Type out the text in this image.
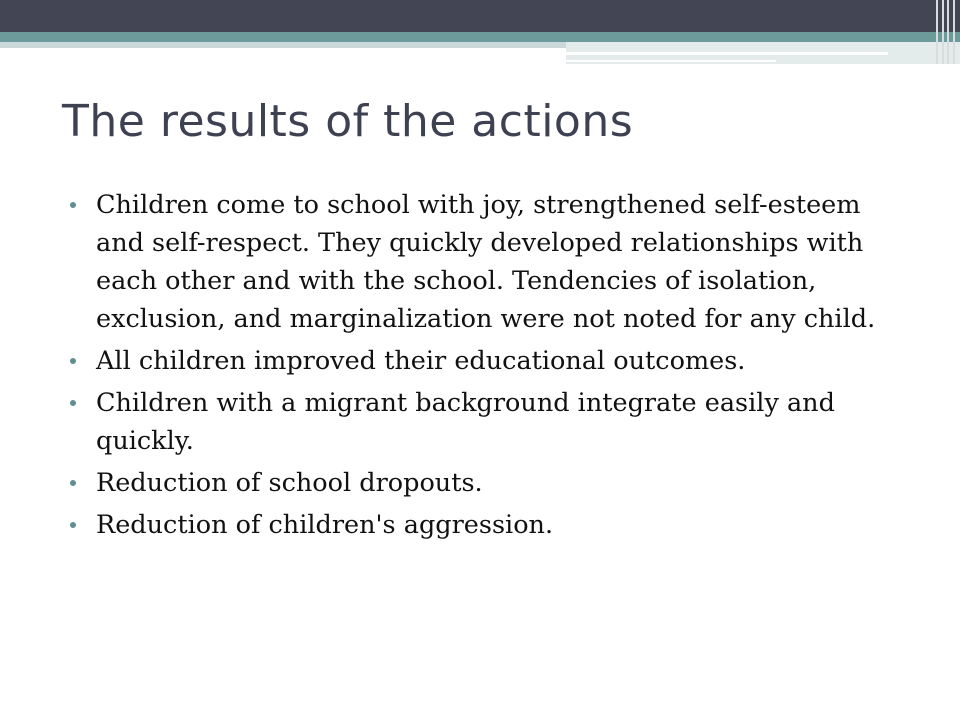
The results of the actions
Children come to school with joy, strengthened self-esteem and self-respect. They quickly developed relationships with each other and with the school. Tendencies of isolation, exclusion, and marginalization were not noted for any child.
All children improved their educational outcomes.
Children with a migrant background integrate easily and quickly.
Reduction of school dropouts.
Reduction of children's aggression.
